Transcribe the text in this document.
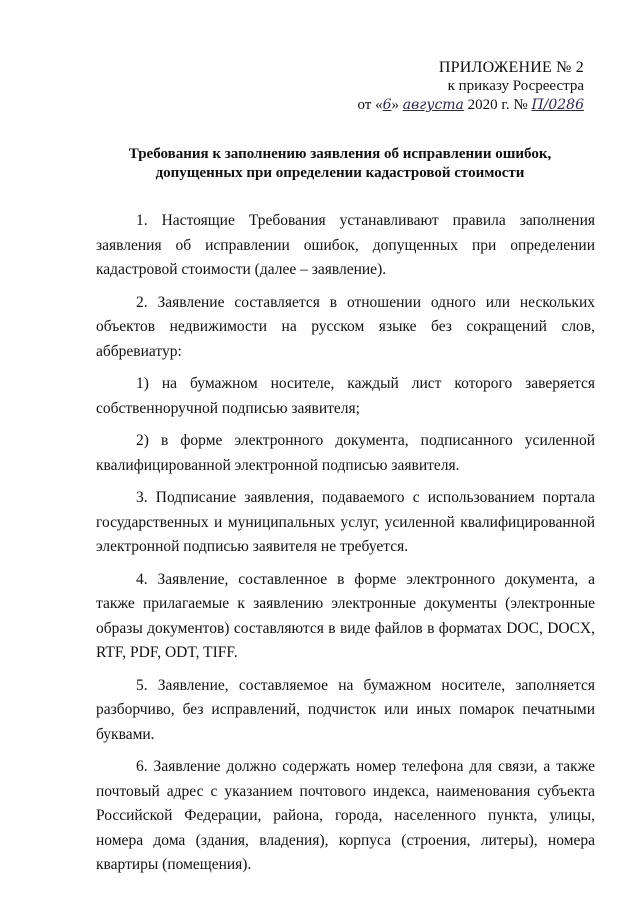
ПРИЛОЖЕНИЕ № 2
к приказу Росреестра
от «6» августа 2020 г. № П/0286
Требования к заполнению заявления об исправлении ошибок,
допущенных при определении кадастровой стоимости

1. Настоящие Требования устанавливают правила заполнения заявления об исправлении ошибок, допущенных при определении кадастровой стоимости (далее – заявление).

2. Заявление составляется в отношении одного или нескольких объектов недвижимости на русском языке без сокращений слов, аббревиатур:

1) на бумажном носителе, каждый лист которого заверяется собственноручной подписью заявителя;

2) в форме электронного документа, подписанного усиленной квалифицированной электронной подписью заявителя.

3. Подписание заявления, подаваемого с использованием портала государственных и муниципальных услуг, усиленной квалифицированной электронной подписью заявителя не требуется.

4. Заявление, составленное в форме электронного документа, а также прилагаемые к заявлению электронные документы (электронные образы документов) составляются в виде файлов в форматах DOC, DOCX, RTF, PDF, ODT, TIFF.

5. Заявление, составляемое на бумажном носителе, заполняется разборчиво, без исправлений, подчисток или иных помарок печатными буквами.

6. Заявление должно содержать номер телефона для связи, а также почтовый адрес с указанием почтового индекса, наименования субъекта Российской Федерации, района, города, населенного пункта, улицы, номера дома (здания, владения), корпуса (строения, литеры), номера квартиры (помещения).
